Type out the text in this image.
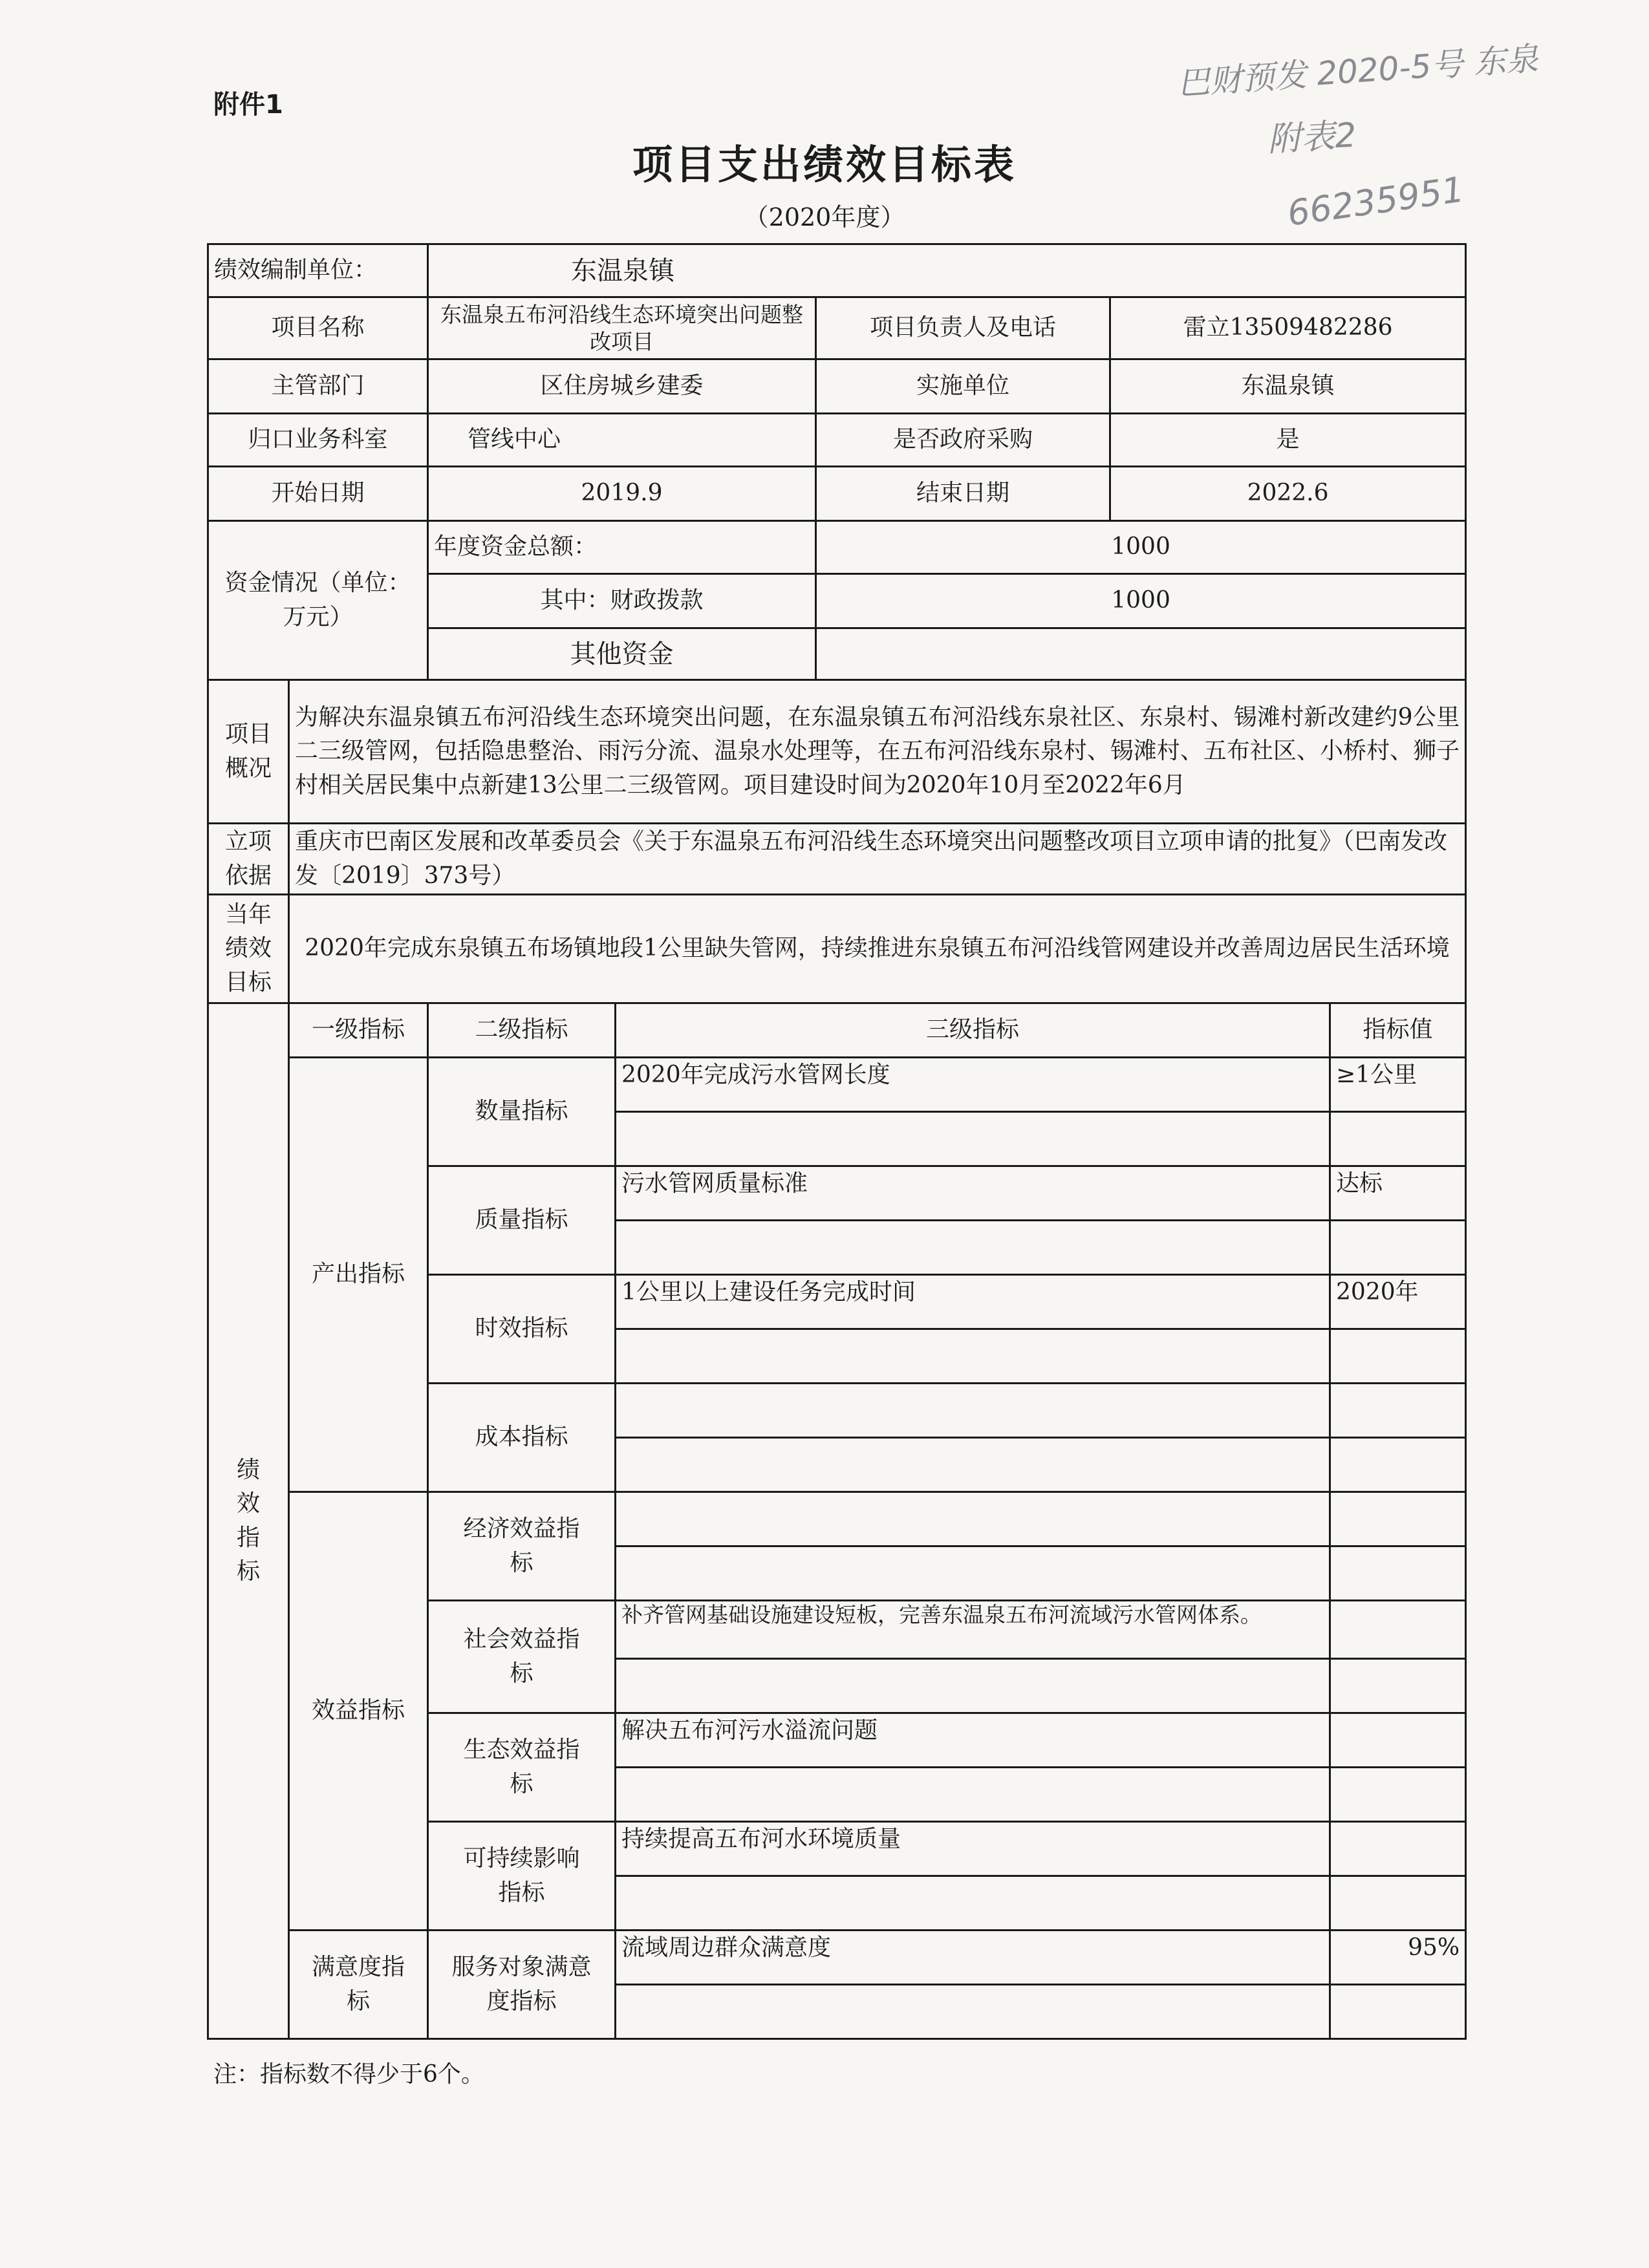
附件1
项目支出绩效目标表
（2020年度）
巴财预发 2020-5号 东泉
附表2
66235951
绩效编制单位：		东温泉镇				
项目名称		东温泉五布河沿线生态环境突出问题整改项目		项目负责人及电话	雷立13509482286	
主管部门		区住房城乡建委		实施单位	东温泉镇	
归口业务科室		管线中心		是否政府采购	是	
开始日期		2019.9		结束日期	2022.6	
资金情况（单位：万元）		年度资金总额：		1000		
		其中：财政拨款		1000		
		其他资金				
项目概况	为解决东温泉镇五布河沿线生态环境突出问题，在东温泉镇五布河沿线东泉社区、东泉村、锡滩村新改建约9公里二三级管网，包括隐患整治、雨污分流、温泉水处理等，在五布河沿线东泉村、锡滩村、五布社区、小桥村、狮子村相关居民集中点新建13公里二三级管网。项目建设时间为2020年10月至2022年6月					
立项依据	重庆市巴南区发展和改革委员会《关于东温泉五布河沿线生态环境突出问题整改项目立项申请的批复》（巴南发改发〔2019〕373号）					
当年绩效目标	2020年完成东泉镇五布场镇地段1公里缺失管网，持续推进东泉镇五布河沿线管网建设并改善周边居民生活环境					
绩效指标	一级指标	二级指标	三级指标			指标值
	产出指标	数量指标	2020年完成污水管网长度			≥1公里

		质量指标	污水管网质量标准			达标

		时效指标	1公里以上建设任务完成时间			2020年

		成本指标				

	效益指标	经济效益指标				

		社会效益指标	补齐管网基础设施建设短板，完善东温泉五布河流域污水管网体系。			

		生态效益指标	解决五布河污水溢流问题			

		可持续影响指标	持续提高五布河水环境质量			

	满意度指标	服务对象满意度指标	流域周边群众满意度			95%

注：指标数不得少于6个。
